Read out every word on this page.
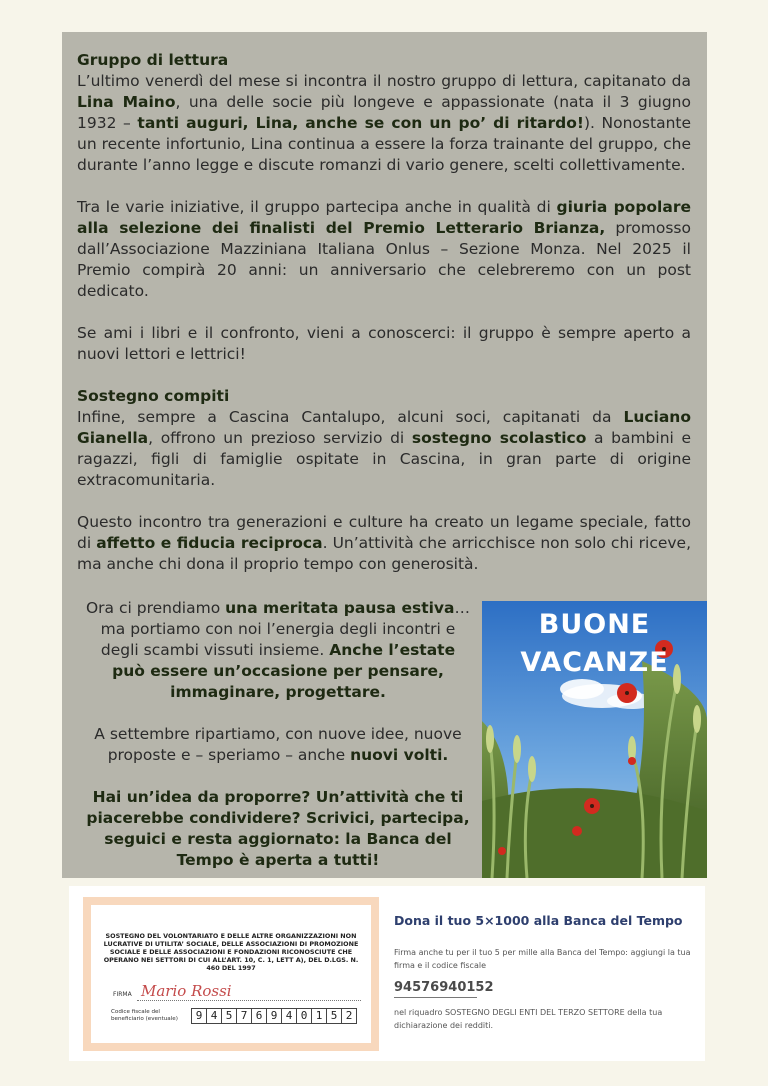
Gruppo di lettura

L’ultimo venerdì del mese si incontra il nostro gruppo di lettura, capitanato da Lina Maino, una delle socie più longeve e appassionate (nata il 3 giugno 1932 – tanti auguri, Lina, anche se con un po’ di ritardo!). Nonostante un recente infortunio, Lina continua a essere la forza trainante del gruppo, che durante l’anno legge e discute romanzi di vario genere, scelti collettivamente.

Tra le varie iniziative, il gruppo partecipa anche in qualità di giuria popolare alla selezione dei finalisti del Premio Letterario Brianza, promosso dall’Associazione Mazziniana Italiana Onlus – Sezione Monza. Nel 2025 il Premio compirà 20 anni: un anniversario che celebreremo con un post dedicato.

Se ami i libri e il confronto, vieni a conoscerci: il gruppo è sempre aperto a nuovi lettori e lettrici!

Sostegno compiti

Infine, sempre a Cascina Cantalupo, alcuni soci, capitanati da Luciano Gianella, offrono un prezioso servizio di sostegno scolastico a bambini e ragazzi, figli di famiglie ospitate in Cascina, in gran parte di origine extracomunitaria.

Questo incontro tra generazioni e culture ha creato un legame speciale, fatto di affetto e fiducia reciproca. Un’attività che arricchisce non solo chi riceve, ma anche chi dona il proprio tempo con generosità.

Ora ci prendiamo una meritata pausa estiva… ma portiamo con noi l’energia degli incontri e degli scambi vissuti insieme. Anche l’estate può essere un’occasione per pensare, immaginare, progettare.

A settembre ripartiamo, con nuove idee, nuove proposte e – speriamo – anche nuovi volti.

Hai un’idea da proporre? Un’attività che ti piacerebbe condividere? Scrivici, partecipa, seguici e resta aggiornato: la Banca del Tempo è aperta a tutti!

BUONE
VACANZE
SOSTEGNO DEL VOLONTARIATO E DELLE ALTRE ORGANIZZAZIONI NON LUCRATIVE DI UTILITA’ SOCIALE, DELLE ASSOCIAZIONI DI PROMOZIONE SOCIALE E DELLE ASSOCIAZIONI E FONDAZIONI RICONOSCIUTE CHE OPERANO NEI SETTORI DI CUI ALL’ART. 10, C. 1, LETT A), DEL D.LGS. N. 460 DEL 1997
FIRMA Mario Rossi
Codice fiscale del beneficiario (eventuale)	9 4 5 7 6 9 4 0 1 5 2
Dona il tuo 5×1000 alla Banca del Tempo
Firma anche tu per il tuo 5 per mille alla Banca del Tempo: aggiungi la tua firma e il codice fiscale
94576940152
nel riquadro SOSTEGNO DEGLI ENTI DEL TERZO SETTORE della tua dichiarazione dei redditi.
